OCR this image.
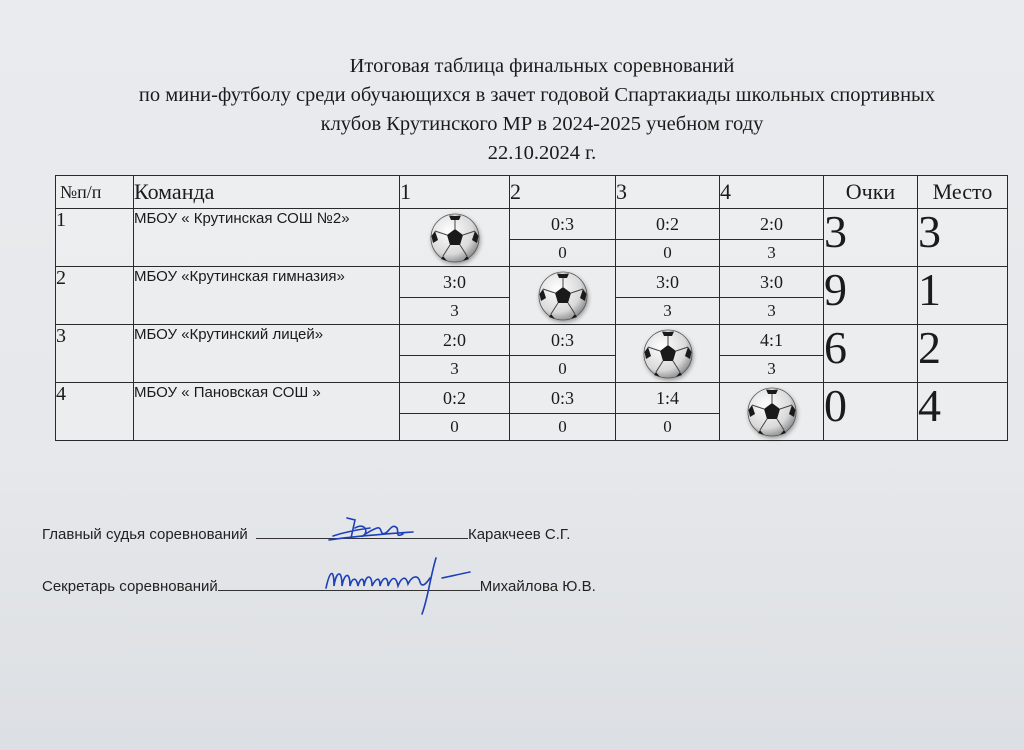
Итоговая таблица финальных соревнований
по мини-футболу среди обучающихся в зачет годовой Спартакиады школьных спортивных
клубов Крутинского МР в 2024-2025 учебном году
22.10.2024 г.
№п/п	Команда	1	2	3	4	Очки	Место
1	МБОУ « Крутинская СОШ №2»		0:3	0:2	2:0	3	3
			0	0	3		
2	МБОУ «Крутинская гимназия»	3:0		3:0	3:0	9	1
		3		3	3		
3	МБОУ «Крутинский лицей»	2:0	0:3		4:1	6	2
		3	0		3		
4	МБОУ « Пановская СОШ »	0:2	0:3	1:4		0	4
		0	0	0			
Главный судья соревнований	Каракчеев С.Г.
Секретарь соревнований	Михайлова Ю.В.
